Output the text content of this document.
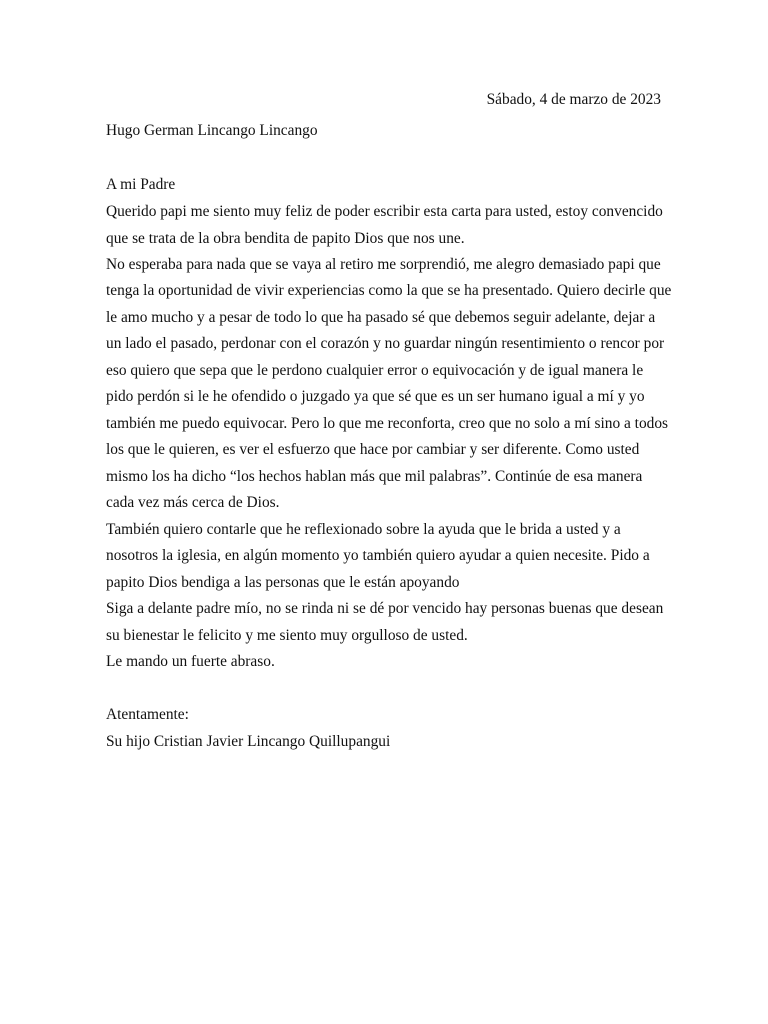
Sábado, 4 de marzo de 2023
Hugo German Lincango Lincango
A mi Padre
Querido papi me siento muy feliz de poder escribir esta carta para usted, estoy convencido
que se trata de la obra bendita de papito Dios que nos une.
No esperaba para nada que se vaya al retiro me sorprendió, me alegro demasiado papi que
tenga la oportunidad de vivir experiencias como la que se ha presentado. Quiero decirle que
le amo mucho y a pesar de todo lo que ha pasado sé que debemos seguir adelante, dejar a
un lado el pasado, perdonar con el corazón y no guardar ningún resentimiento o rencor por
eso quiero que sepa que le perdono cualquier error o equivocación y de igual manera le
pido perdón si le he ofendido o juzgado ya que sé que es un ser humano igual a mí y yo
también me puedo equivocar. Pero lo que me reconforta, creo que no solo a mí sino a todos
los que le quieren, es ver el esfuerzo que hace por cambiar y ser diferente. Como usted
mismo los ha dicho “los hechos hablan más que mil palabras”. Continúe de esa manera
cada vez más cerca de Dios.
También quiero contarle que he reflexionado sobre la ayuda que le brida a usted y a
nosotros la iglesia, en algún momento yo también quiero ayudar a quien necesite. Pido a
papito Dios bendiga a las personas que le están apoyando
Siga a delante padre mío, no se rinda ni se dé por vencido hay personas buenas que desean
su bienestar le felicito y me siento muy orgulloso de usted.
Le mando un fuerte abraso.
Atentamente:
Su hijo Cristian Javier Lincango Quillupangui
